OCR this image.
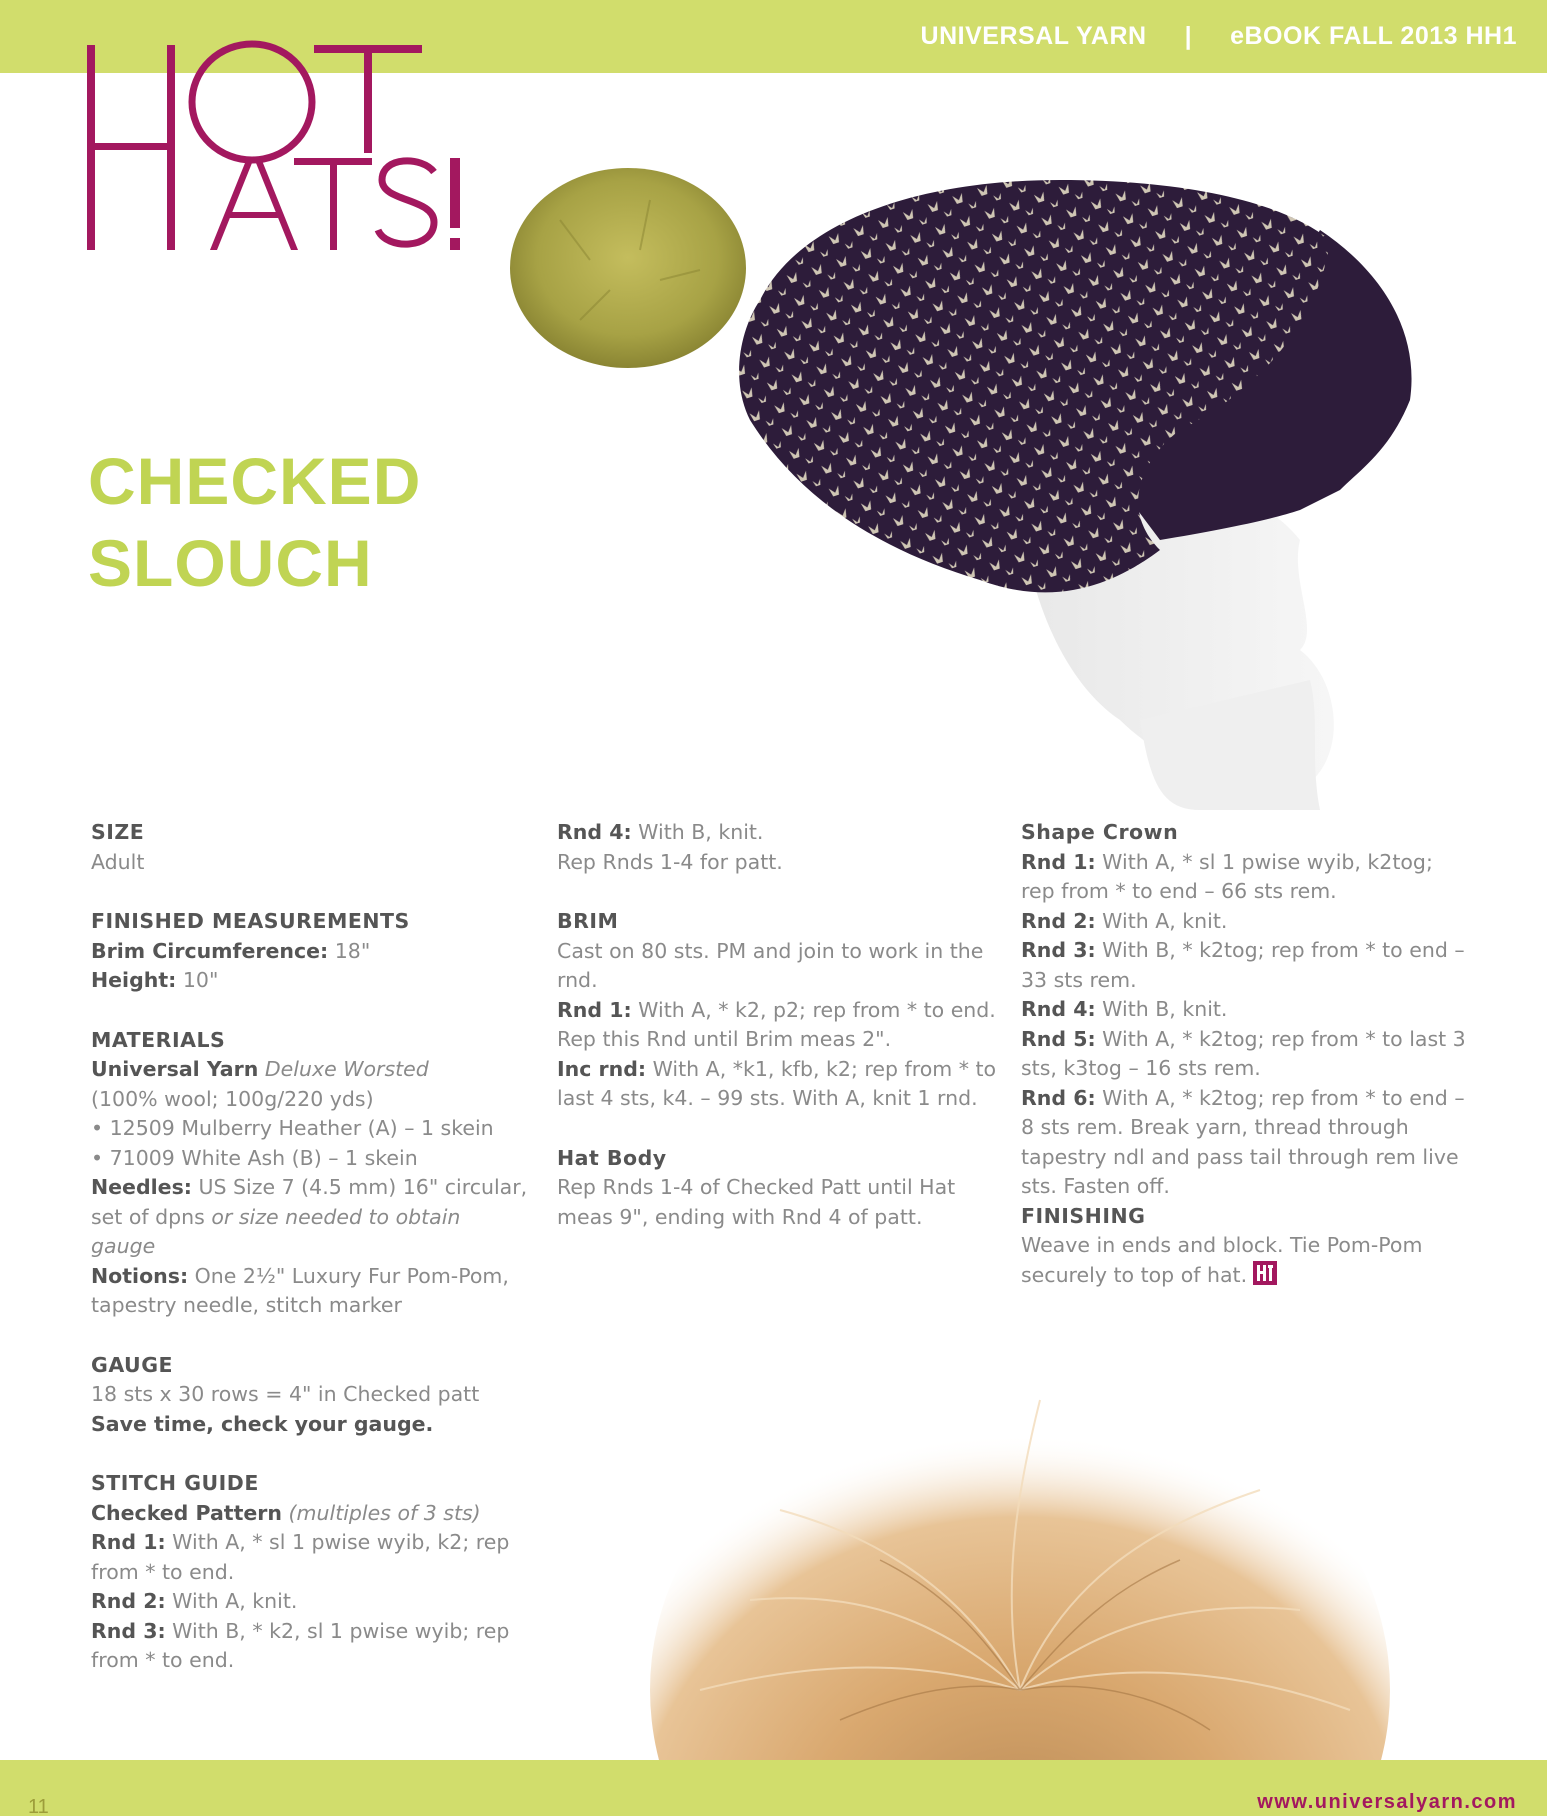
UNIVERSAL YARN | eBOOK FALL 2013 HH1
CHECKED
SLOUCH

SIZE

Adult

FINISHED MEASUREMENTS

Brim Circumference: 18"

Height: 10"

MATERIALS

Universal Yarn Deluxe Worsted

(100% wool; 100g/220 yds)

• 12509 Mulberry Heather (A) – 1 skein

• 71009 White Ash (B) – 1 skein

Needles: US Size 7 (4.5 mm) 16" circular, set of dpns or size needed to obtain gauge

Notions: One 2½" Luxury Fur Pom-Pom, tapestry needle, stitch marker

GAUGE

18 sts x 30 rows = 4" in Checked patt

Save time, check your gauge.

STITCH GUIDE

Checked Pattern (multiples of 3 sts)

Rnd 1: With A, * sl 1 pwise wyib, k2; rep from * to end.

Rnd 2: With A, knit.

Rnd 3: With B, * k2, sl 1 pwise wyib; rep from * to end.

Rnd 4: With B, knit.

Rep Rnds 1-4 for patt.

BRIM

Cast on 80 sts. PM and join to work in the rnd.

Rnd 1: With A, * k2, p2; rep from * to end. Rep this Rnd until Brim meas 2".

Inc rnd: With A, *k1, kfb, k2; rep from * to last 4 sts, k4. – 99 sts. With A, knit 1 rnd.

Hat Body

Rep Rnds 1-4 of Checked Patt until Hat meas 9", ending with Rnd 4 of patt.

Shape Crown

Rnd 1: With A, * sl 1 pwise wyib, k2tog; rep from * to end – 66 sts rem.

Rnd 2: With A, knit.

Rnd 3: With B, * k2tog; rep from * to end – 33 sts rem.

Rnd 4: With B, knit.

Rnd 5: With A, * k2tog; rep from * to last 3 sts, k3tog – 16 sts rem.

Rnd 6: With A, * k2tog; rep from * to end – 8 sts rem. Break yarn, thread through tapestry ndl and pass tail through rem live sts. Fasten off.

FINISHING

Weave in ends and block. Tie Pom-Pom securely to top of hat.

11	www.universalyarn.com
